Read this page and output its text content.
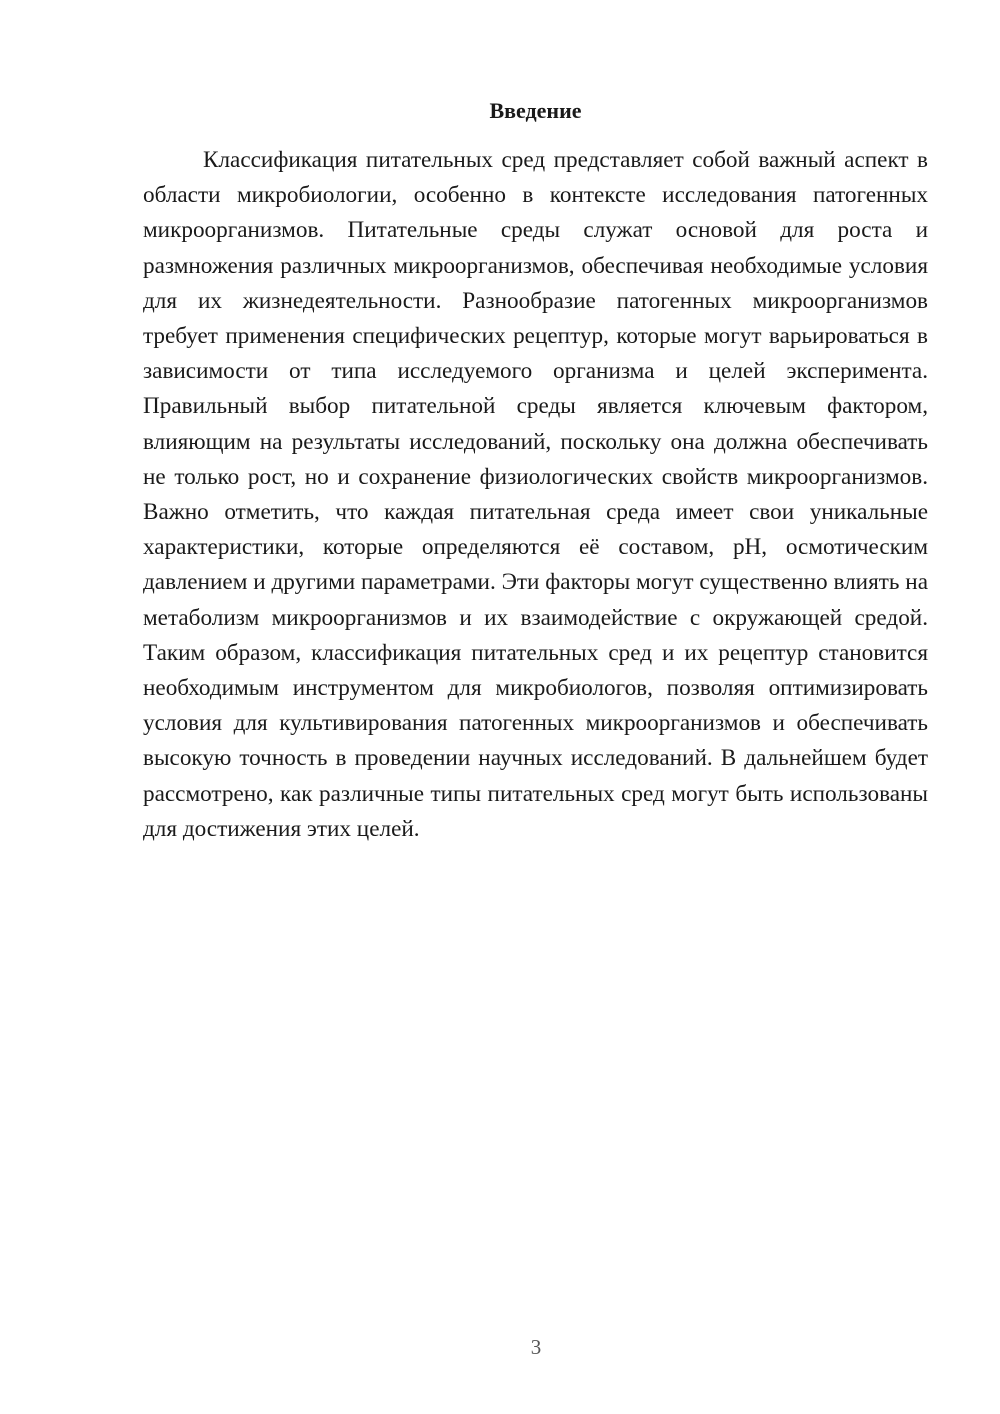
Введение

Классификация питательных сред представляет собой важный аспект в области микробиологии, особенно в контексте исследования патогенных микроорганизмов. Питательные среды служат основой для роста и размножения различных микроорганизмов, обеспечивая необходимые условия для их жизнедеятельности. Разнообразие патогенных микроорганизмов требует применения специфических рецептур, которые могут варьироваться в зависимости от типа исследуемого организма и целей эксперимента. Правильный выбор питательной среды является ключевым фактором, влияющим на результаты исследований, поскольку она должна обеспечивать не только рост, но и сохранение физиологических свойств микроорганизмов. Важно отметить, что каждая питательная среда имеет свои уникальные характеристики, которые определяются её составом, pH, осмотическим давлением и другими параметрами. Эти факторы могут существенно влиять на метаболизм микроорганизмов и их взаимодействие с окружающей средой. Таким образом, классификация питательных сред и их рецептур становится необходимым инструментом для микробиологов, позволяя оптимизировать условия для культивирования патогенных микроорганизмов и обеспечивать высокую точность в проведении научных исследований. В дальнейшем будет рассмотрено, как различные типы питательных сред могут быть использованы для достижения этих целей.

3
